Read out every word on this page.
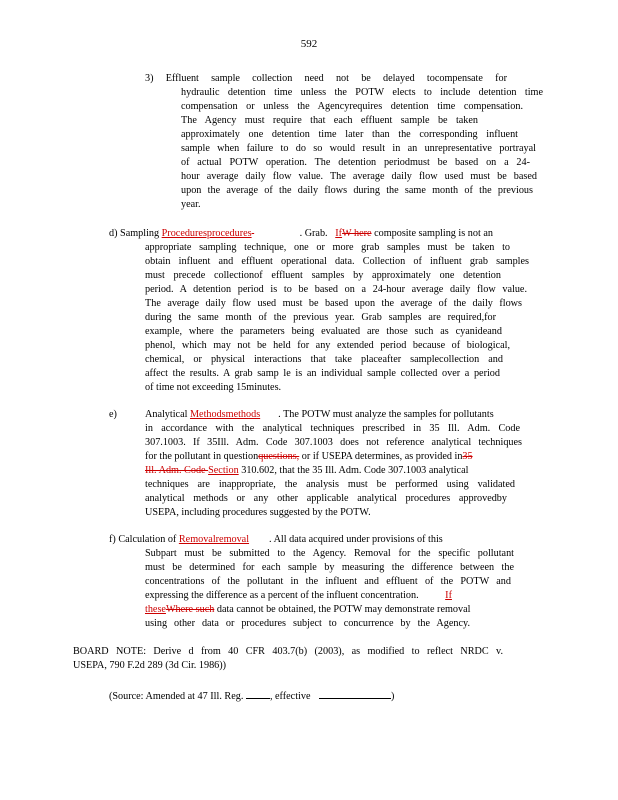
592
3) Effluent sample collection need not be delayed tocompensate for
hydraulic detention time unless the POTW elects to include detention time
compensation or unless the Agencyrequires detention time compensation.
The Agency must require that each effluent sample be taken
approximately one detention time later than the corresponding influent
sample when failure to do so would result in an unrepresentative portrayal
of actual POTW operation. The detention periodmust be based on a 24-
hour average daily flow value. The average daily flow used must be based
upon the average of the daily flows during the same month of the previous
year.
d) Sampling Proceduresprocedures	. Grab.   IfW here composite sampling is not an
appropriate sampling technique, one or more grab samples must be taken to
obtain influent and effluent operational data. Collection of influent grab samples
must precede collectionof effluent samples by approximately one detention
period. A detention period is to be based on a 24-hour average daily flow value.
The average daily flow used must be based upon the average of the daily flows
during the same month of the previous year. Grab samples are required,for
example, where the parameters being evaluated are those such as cyanideand
phenol, which may not be held for any extended period because of biological,
chemical, or physical interactions that take placeafter samplecollection and
affect the results. A grab samp le is an individual sample collected over a period
of time not exceeding 15minutes.
e)	Analytical Methodsmethods . The POTW must analyze the samples for pollutants
in accordance with the analytical techniques prescribed in 35 Ill. Adm. Code
307.1003. If 35Ill. Adm. Code 307.1003 does not reference analytical techniques
for the pollutant in questionquestions, or if USEPA determines, as provided in35
Ill. Adm. Code Section 310.602, that the 35 Ill. Adm. Code 307.1003 analytical
techniques are inappropriate, the analysis must be performed using validated
analytical methods or any other applicable analytical procedures approvedby
USEPA, including procedures suggested by the POTW.
f) Calculation of Removalremoval . All data acquired under provisions of this
Subpart must be submitted to the Agency. Removal for the specific pollutant
must be determined for each sample by measuring the difference between the
concentrations of the pollutant in the influent and effluent of the POTW and
expressing the difference as a percent of the influent concentration. If
theseWhere such data cannot be obtained, the POTW may demonstrate removal
using other data or procedures subject to concurrence by the Agency.
BOARD NOTE: Derive d from 40 CFR 403.7(b) (2003), as modified to reflect NRDC v.
USEPA, 790 F.2d 289 (3d Cir. 1986))
(Source: Amended at 47 Ill. Reg.	, effective	)
